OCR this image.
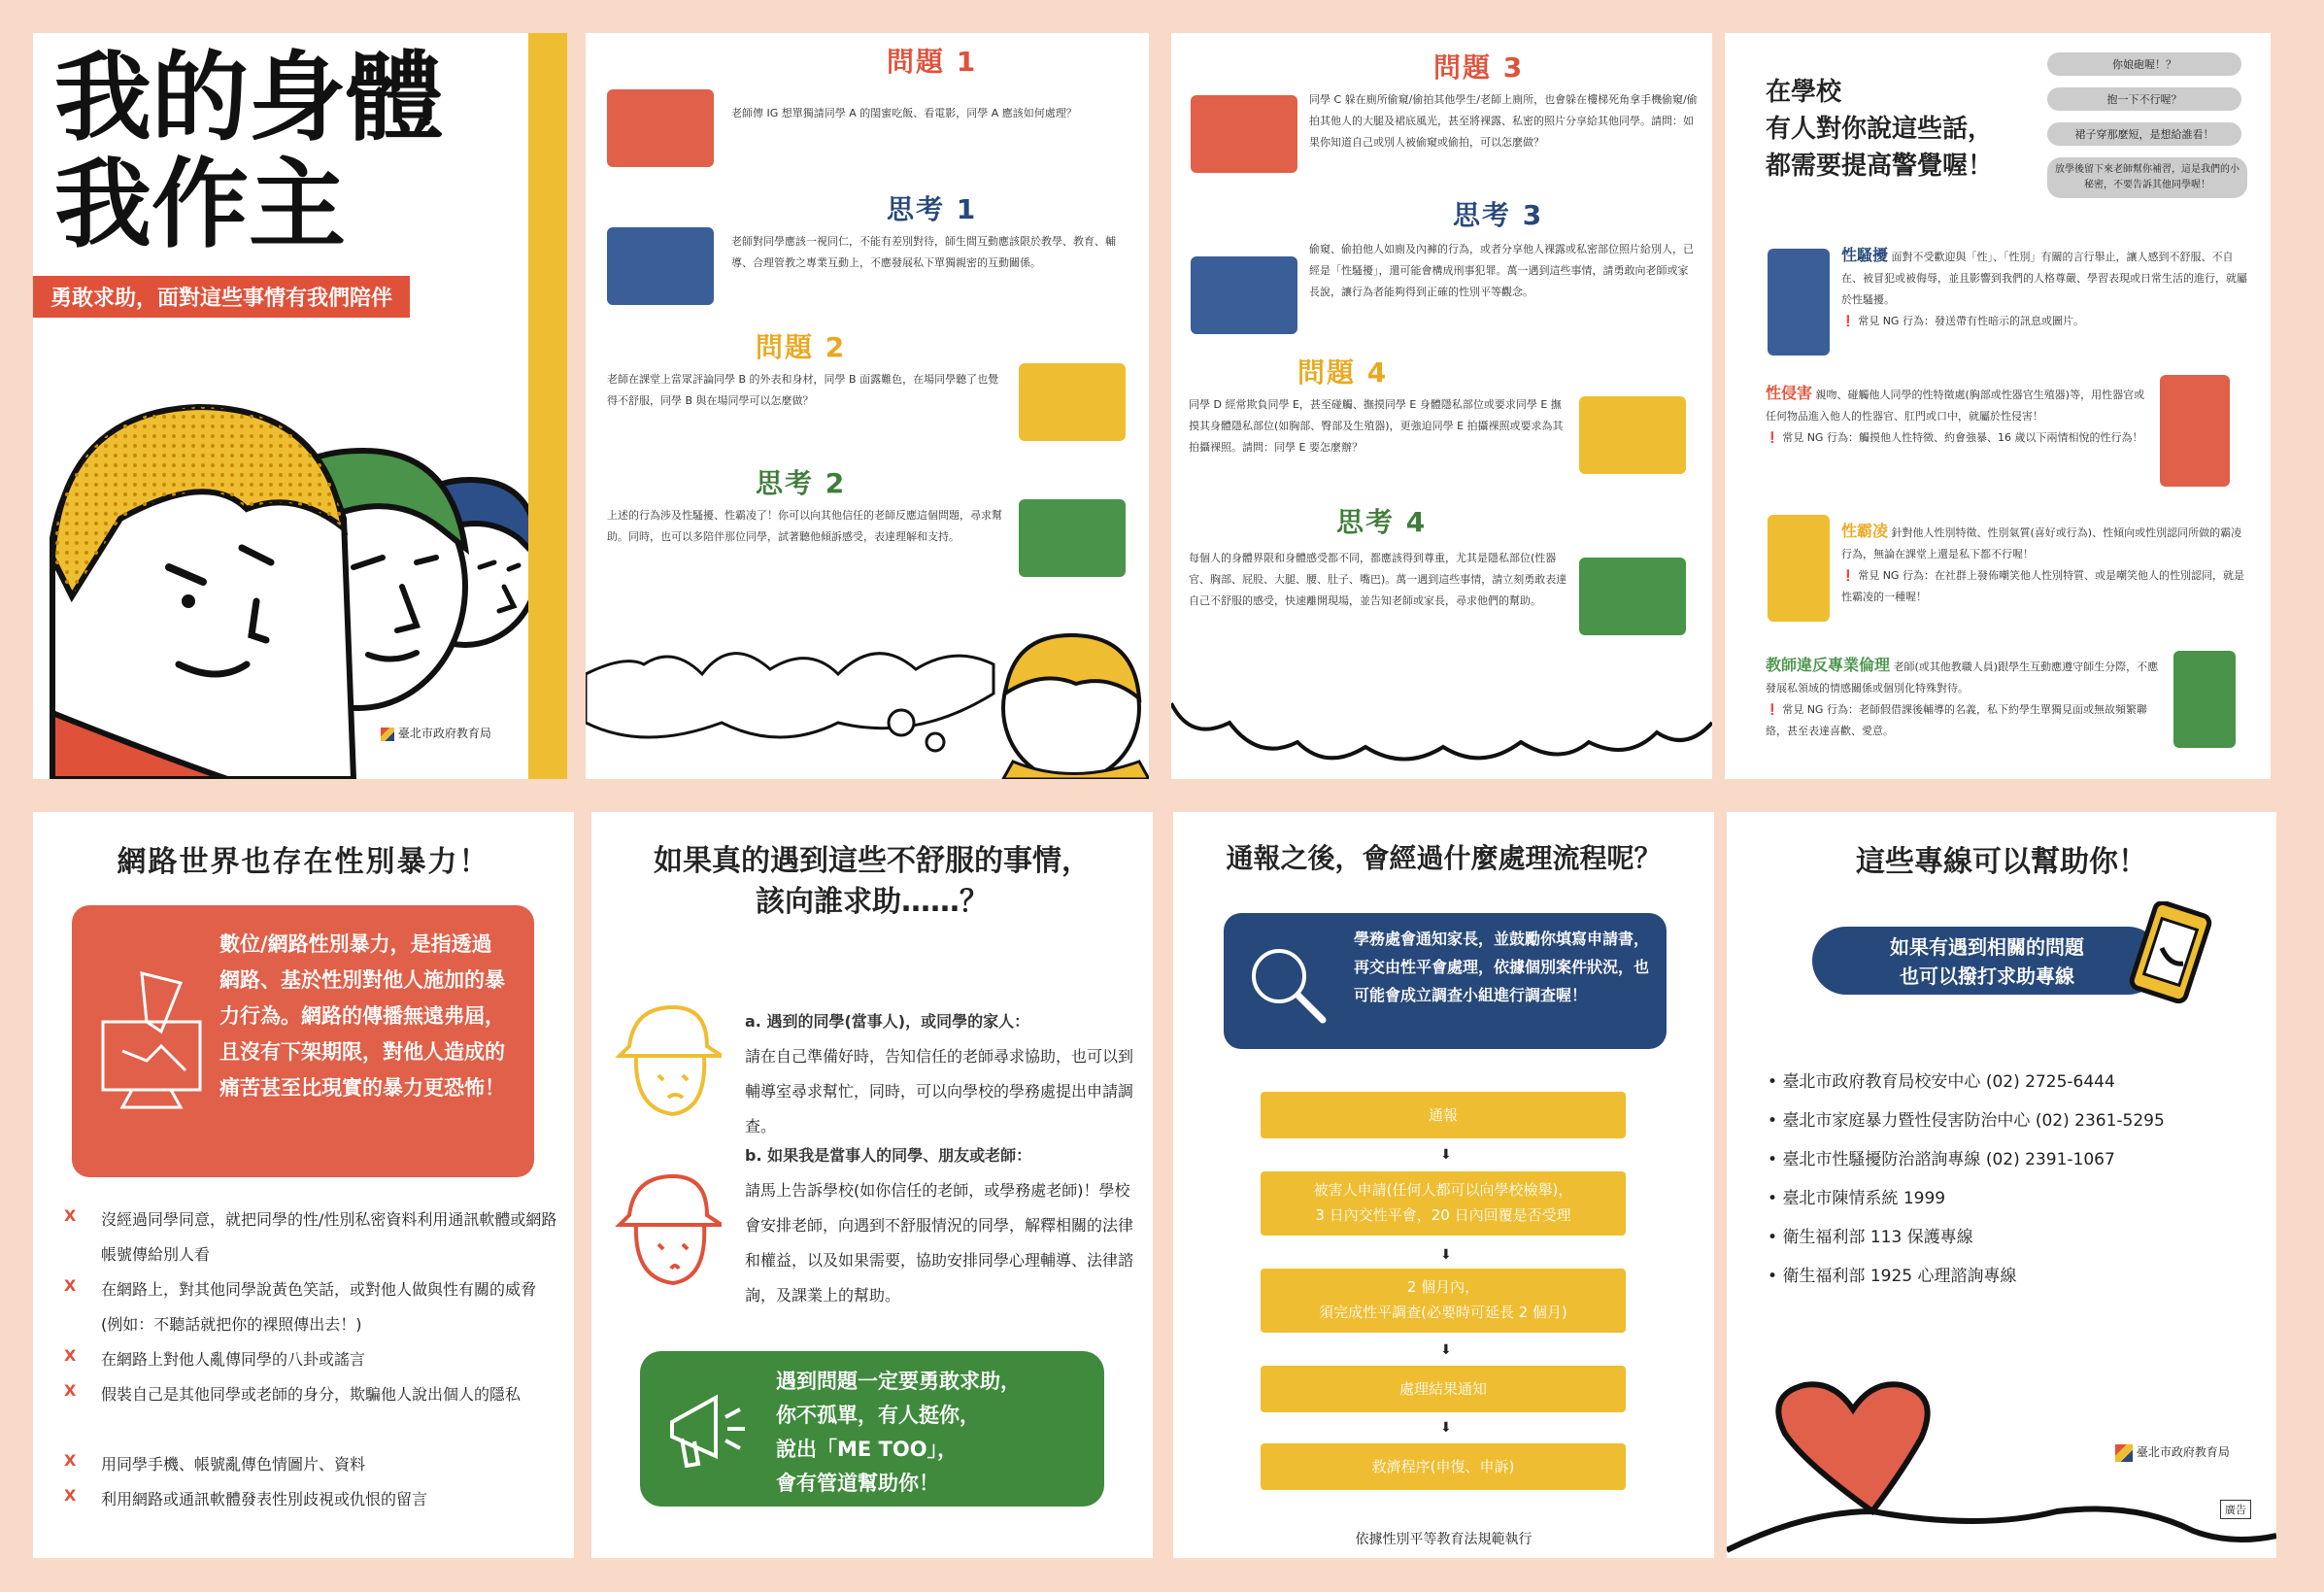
我的身體
我作主
勇敢求助，面對這些事情有我們陪伴
臺北市政府教育局
問題 1
老師傳 IG 想單獨請同學 A 的閨蜜吃飯、看電影，同學 A 應該如何處理？
思考 1
老師對同學應該一視同仁，不能有差別對待，師生間互動應該限於教學、教育、輔導、合理管教之專業互動上，不應發展私下單獨親密的互動關係。
問題 2
老師在課堂上當眾評論同學 B 的外表和身材，同學 B 面露難色，在場同學聽了也覺得不舒服，同學 B 與在場同學可以怎麼做？
思考 2
上述的行為涉及性騷擾、性霸凌了！你可以向其他信任的老師反應這個問題，尋求幫助。同時，也可以多陪伴那位同學，試著聽他傾訴感受，表達理解和支持。
問題 3
同學 C 躲在廁所偷窺/偷拍其他學生/老師上廁所，也會躲在樓梯死角拿手機偷窺/偷拍其他人的大腿及裙底風光，甚至將裸露、私密的照片分享給其他同學。請問：如果你知道自己或別人被偷窺或偷拍，可以怎麼做？
思考 3
偷窺、偷拍他人如廁及內褲的行為，或者分享他人裸露或私密部位照片給別人，已經是「性騷擾」，還可能會構成刑事犯罪。萬一遇到這些事情，請勇敢向老師或家長說，讓行為者能夠得到正確的性別平等觀念。
問題 4
同學 D 經常欺負同學 E，甚至碰觸、撫摸同學 E 身體隱私部位或要求同學 E 撫摸其身體隱私部位(如胸部、臀部及生殖器)，更強迫同學 E 拍攝裸照或要求為其拍攝裸照。請問：同學 E 要怎麼辦？
思考 4
每個人的身體界限和身體感受都不同，都應該得到尊重，尤其是隱私部位(性器官、胸部、屁股、大腿、腰、肚子、嘴巴)。萬一遇到這些事情，請立刻勇敢表達自己不舒服的感受，快速離開現場，並告知老師或家長，尋求他們的幫助。
在學校
有人對你說這些話，
都需要提高警覺喔！
你娘砲喔！？
抱一下不行喔？
裙子穿那麼短，是想給誰看！
放學後留下來老師幫你補習，這是我們的小秘密，不要告訴其他同學喔！
性騷擾 面對不受歡迎與「性」、「性別」有關的言行舉止，讓人感到不舒服、不自在、被冒犯或被侮辱，並且影響到我們的人格尊嚴、學習表現或日常生活的進行，就屬於性騷擾。
❗ 常見 NG 行為：發送帶有性暗示的訊息或圖片。
性侵害 親吻、碰觸他人同學的性特徵處(胸部或性器官生殖器)等，用性器官或任何物品進入他人的性器官、肛門或口中，就屬於性侵害！
❗ 常見 NG 行為：觸摸他人性特徵、約會強暴、16 歲以下兩情相悅的性行為！
性霸凌 針對他人性別特徵、性別氣質(喜好或行為)、性傾向或性別認同所做的霸凌行為，無論在課堂上還是私下都不行喔！
❗ 常見 NG 行為：在社群上發佈嘲笑他人性別特質、或是嘲笑他人的性別認同，就是性霸凌的一種喔！
教師違反專業倫理 老師(或其他教職人員)跟學生互動應遵守師生分際，不應發展私領域的情感關係或個別化特殊對待。
❗ 常見 NG 行為：老師假借課後輔導的名義，私下約學生單獨見面或無故頻繁聯絡，甚至表達喜歡、愛意。
網路世界也存在性別暴力！
數位/網路性別暴力，是指透過網路、基於性別對他人施加的暴力行為。網路的傳播無遠弗屆，且沒有下架期限，對他人造成的痛苦甚至比現實的暴力更恐怖！
X 沒經過同學同意，就把同學的性/性別私密資料利用通訊軟體或網路帳號傳給別人看
X 在網路上，對其他同學說黃色笑話，或對他人做與性有關的威脅(例如：不聽話就把你的裸照傳出去！)
X 在網路上對他人亂傳同學的八卦或謠言
X 假裝自己是其他同學或老師的身分，欺騙他人說出個人的隱私
X 用同學手機、帳號亂傳色情圖片、資料
X 利用網路或通訊軟體發表性別歧視或仇恨的留言
如果真的遇到這些不舒服的事情，
該向誰求助……？
a. 遇到的同學(當事人)，或同學的家人：
請在自己準備好時，告知信任的老師尋求協助，也可以到輔導室尋求幫忙，同時，可以向學校的學務處提出申請調查。
b. 如果我是當事人的同學、朋友或老師：
請馬上告訴學校(如你信任的老師，或學務處老師)！學校會安排老師，向遇到不舒服情況的同學，解釋相關的法律和權益，以及如果需要，協助安排同學心理輔導、法律諮詢，及課業上的幫助。
遇到問題一定要勇敢求助，
你不孤單，有人挺你，
說出「ME TOO」，
會有管道幫助你！
通報之後，會經過什麼處理流程呢？
學務處會通知家長，並鼓勵你填寫申請書，再交由性平會處理，依據個別案件狀況，也可能會成立調查小組進行調查喔！
通報
⬇
被害人申請(任何人都可以向學校檢舉)，
3 日內交性平會，20 日內回覆是否受理
⬇
2 個月內，
須完成性平調查(必要時可延長 2 個月)
⬇
處理結果通知
⬇
救濟程序(申復、申訴)
依據性別平等教育法規範執行
這些專線可以幫助你！
如果有遇到相關的問題
也可以撥打求助專線
• 臺北市政府教育局校安中心 (02) 2725-6444
• 臺北市家庭暴力暨性侵害防治中心 (02) 2361-5295
• 臺北市性騷擾防治諮詢專線 (02) 2391-1067
• 臺北市陳情系統 1999
• 衛生福利部 113 保護專線
• 衛生福利部 1925 心理諮詢專線
臺北市政府教育局
廣告
